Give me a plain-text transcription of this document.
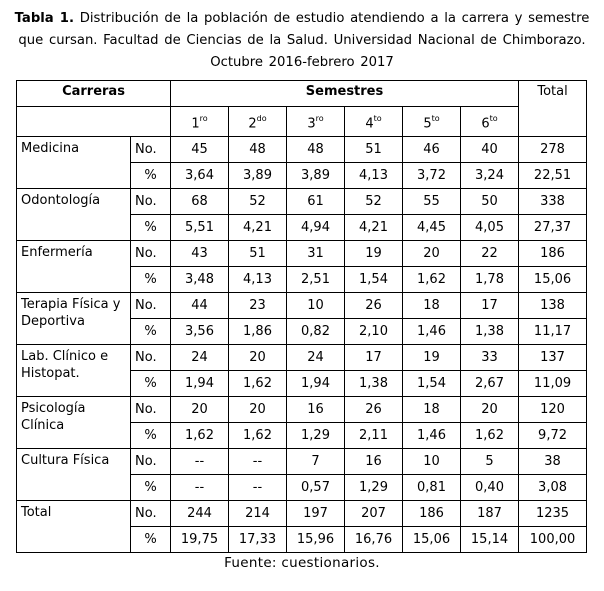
Tabla 1. Distribución de la población de estudio atendiendo a la carrera y semestre que cursan. Facultad de Ciencias de la Salud. Universidad Nacional de Chimborazo. Octubre 2016-febrero 2017
Carreras		Semestres						Total
		$1^{ro}$	$2^{do}$	$3^{ro}$	$4^{to}$	$5^{to}$	$6^{to}$
Medicina	No.	45	48	48	51	46	40	278
	%	3,64	3,89	3,89	4,13	3,72	3,24	22,51
Odontología	No.	68	52	61	52	55	50	338
	%	5,51	4,21	4,94	4,21	4,45	4,05	27,37
Enfermería	No.	43	51	31	19	20	22	186
	%	3,48	4,13	2,51	1,54	1,62	1,78	15,06
Terapia Física y Deportiva	No.	44	23	10	26	18	17	138
	%	3,56	1,86	0,82	2,10	1,46	1,38	11,17
Lab. Clínico e Histopat.	No.	24	20	24	17	19	33	137
	%	1,94	1,62	1,94	1,38	1,54	2,67	11,09
Psicología Clínica	No.	20	20	16	26	18	20	120
	%	1,62	1,62	1,29	2,11	1,46	1,62	9,72
Cultura Física	No.	--	--	7	16	10	5	38
	%	--	--	0,57	1,29	0,81	0,40	3,08
Total	No.	244	214	197	207	186	187	1235
	%	19,75	17,33	15,96	16,76	15,06	15,14	100,00
Fuente: cuestionarios.
